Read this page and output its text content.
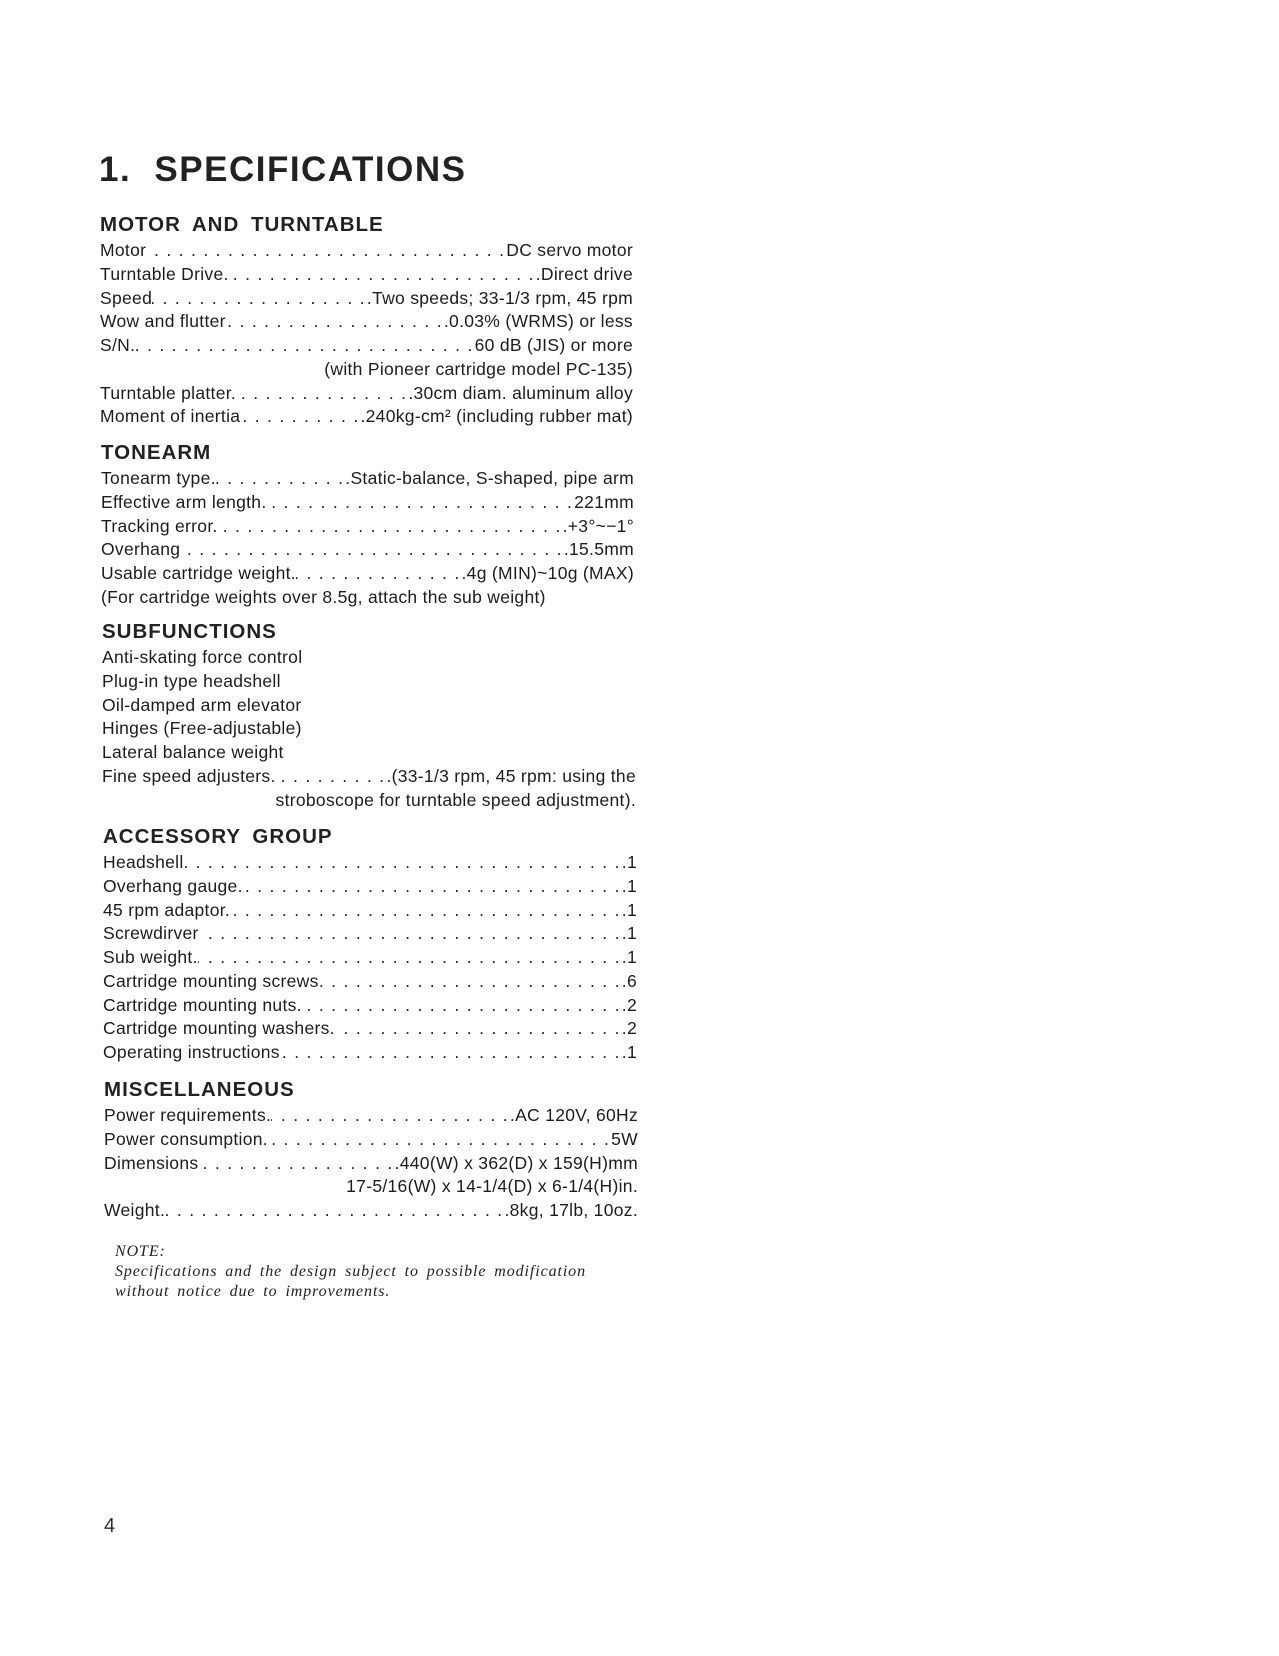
1. SPECIFICATIONS
MOTOR AND TURNTABLE
Motor . . .	DC servo motor
Turntable Drive. . . .	.Direct drive
Speed . . .	.Two speeds; 33-1/3 rpm, 45 rpm
Wow and flutter . . .	.0.03% (WRMS) or less
S/N. . . .	60 dB (JIS) or more
(with Pioneer cartridge model PC-135)
Turntable platter. . . .	.30cm diam. aluminum alloy
Moment of inertia . . .	.240kg-cm² (including rubber mat)
TONEARM
Tonearm type. . . .	.Static-balance, S-shaped, pipe arm
Effective arm length. . . .	221mm
Tracking error. . . .	.+3°~−1°
Overhang . . .	.15.5mm
Usable cartridge weight. . . .	.4g (MIN)~10g (MAX)
(For cartridge weights over 8.5g, attach the sub weight)
SUBFUNCTIONS
Anti-skating force control
Plug-in type headshell
Oil-damped arm elevator
Hinges (Free-adjustable)
Lateral balance weight
Fine speed adjusters. . . .	.(33-1/3 rpm, 45 rpm: using the
stroboscope for turntable speed adjustment).
ACCESSORY GROUP
Headshell. . . .	.1
Overhang gauge. . . .	.1
45 rpm adaptor. . . .	.1
Screwdirver . . .	.1
Sub weight. . . .	.1
Cartridge mounting screws . . .	.6
Cartridge mounting nuts. . . .	.2
Cartridge mounting washers. . . .	.2
Operating instructions . . .	.1
MISCELLANEOUS
Power requirements. . . .	.AC 120V, 60Hz
Power consumption. . . .	5W
Dimensions . . .	.440(W) x 362(D) x 159(H)mm
17-5/16(W) x 14-1/4(D) x 6-1/4(H)in.
Weight. . . .	.8kg, 17lb, 10oz.
NOTE:
Specifications and the design subject to possible modification without notice due to improvements.
4
